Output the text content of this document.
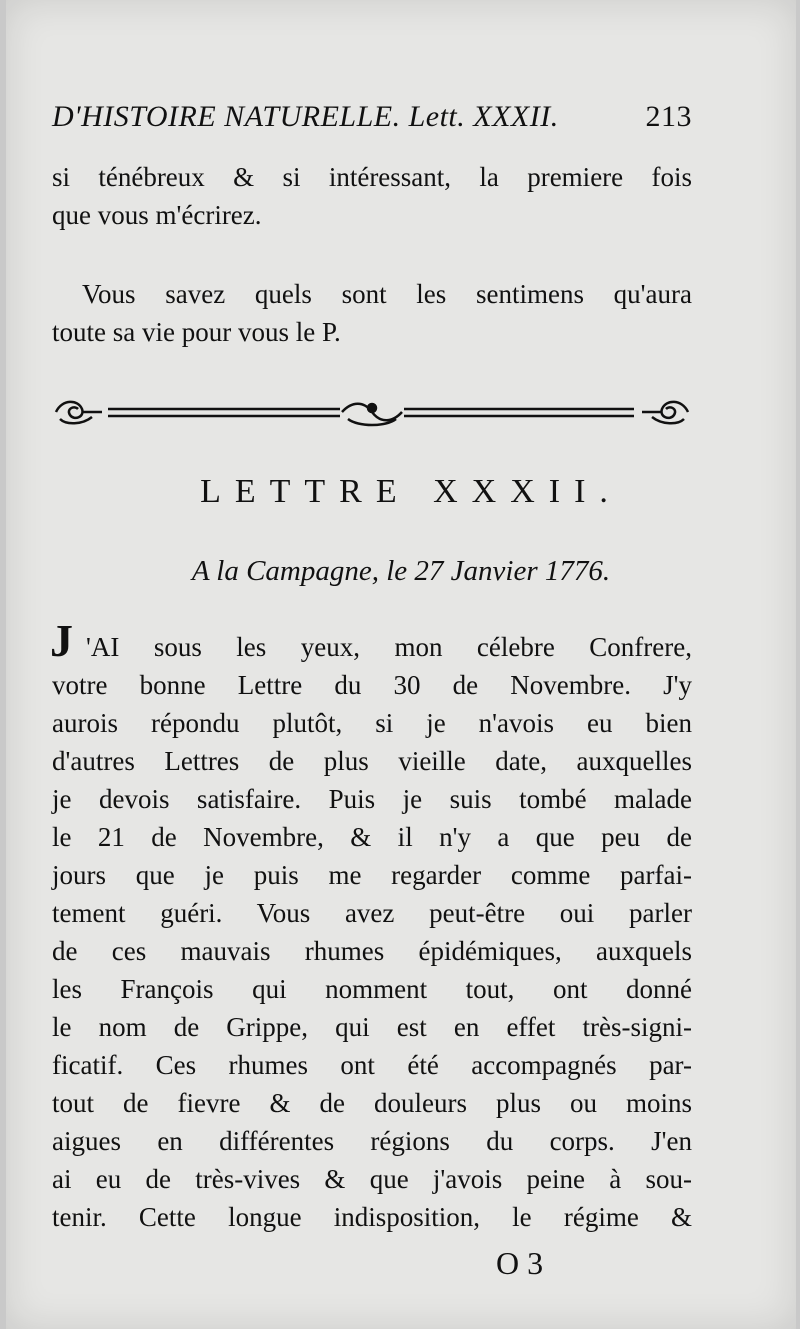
D'HISTOIRE NATURELLE. Lett. XXXII.	213
si ténébreux & si intéressant, la premiere fois
que vous m'écrirez.
Vous savez quels sont les sentimens qu'aura
toute sa vie pour vous le P.
LETTRE XXXII.
A la Campagne, le 27 Janvier 1776.
J 'AI sous les yeux, mon célebre Confrere,
votre bonne Lettre du 30 de Novembre. J'y
aurois répondu plutôt, si je n'avois eu bien
d'autres Lettres de plus vieille date, auxquelles
je devois satisfaire. Puis je suis tombé malade
le 21 de Novembre, & il n'y a que peu de
jours que je puis me regarder comme parfai-
tement guéri. Vous avez peut-être oui parler
de ces mauvais rhumes épidémiques, auxquels
les François qui nomment tout, ont donné
le nom de Grippe, qui est en effet très-signi-
ficatif. Ces rhumes ont été accompagnés par-
tout de fievre & de douleurs plus ou moins
aigues en différentes régions du corps. J'en
ai eu de très-vives & que j'avois peine à sou-
tenir. Cette longue indisposition, le régime &
O 3
